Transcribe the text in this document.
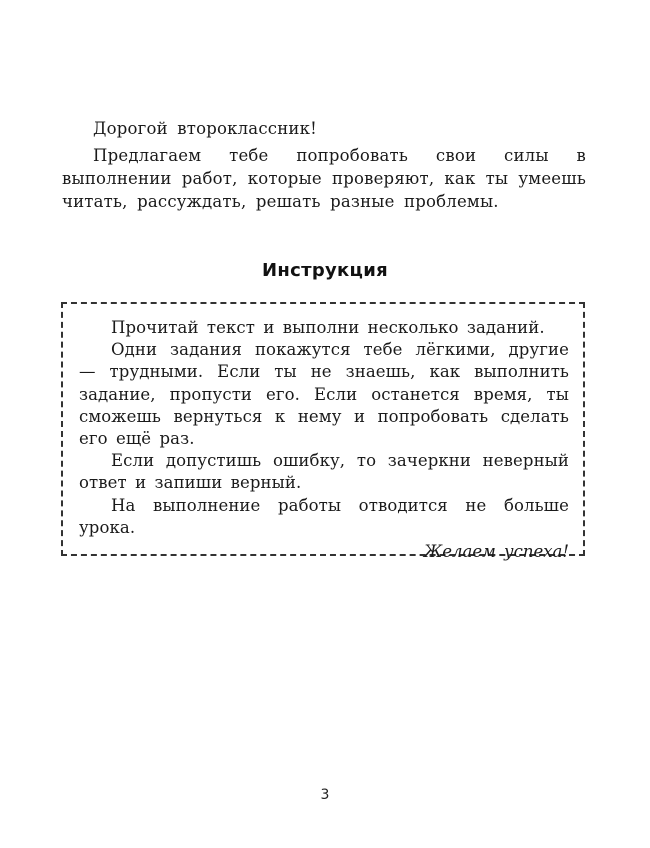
Дорогой второклассник!

Предлагаем тебе попробовать свои силы в выполнении работ, которые проверяют, как ты умеешь читать, рассуждать, решать разные проблемы.

Инструкция

Прочитай текст и выполни несколько заданий.

Одни задания покажутся тебе лёгкими, другие — трудными. Если ты не знаешь, как выполнить задание, пропусти его. Если останется время, ты сможешь вернуться к нему и попробовать сделать его ещё раз.

Если допустишь ошибку, то зачеркни неверный ответ и запиши верный.

На выполнение работы отводится не больше урока.

Желаем успеха!
3
